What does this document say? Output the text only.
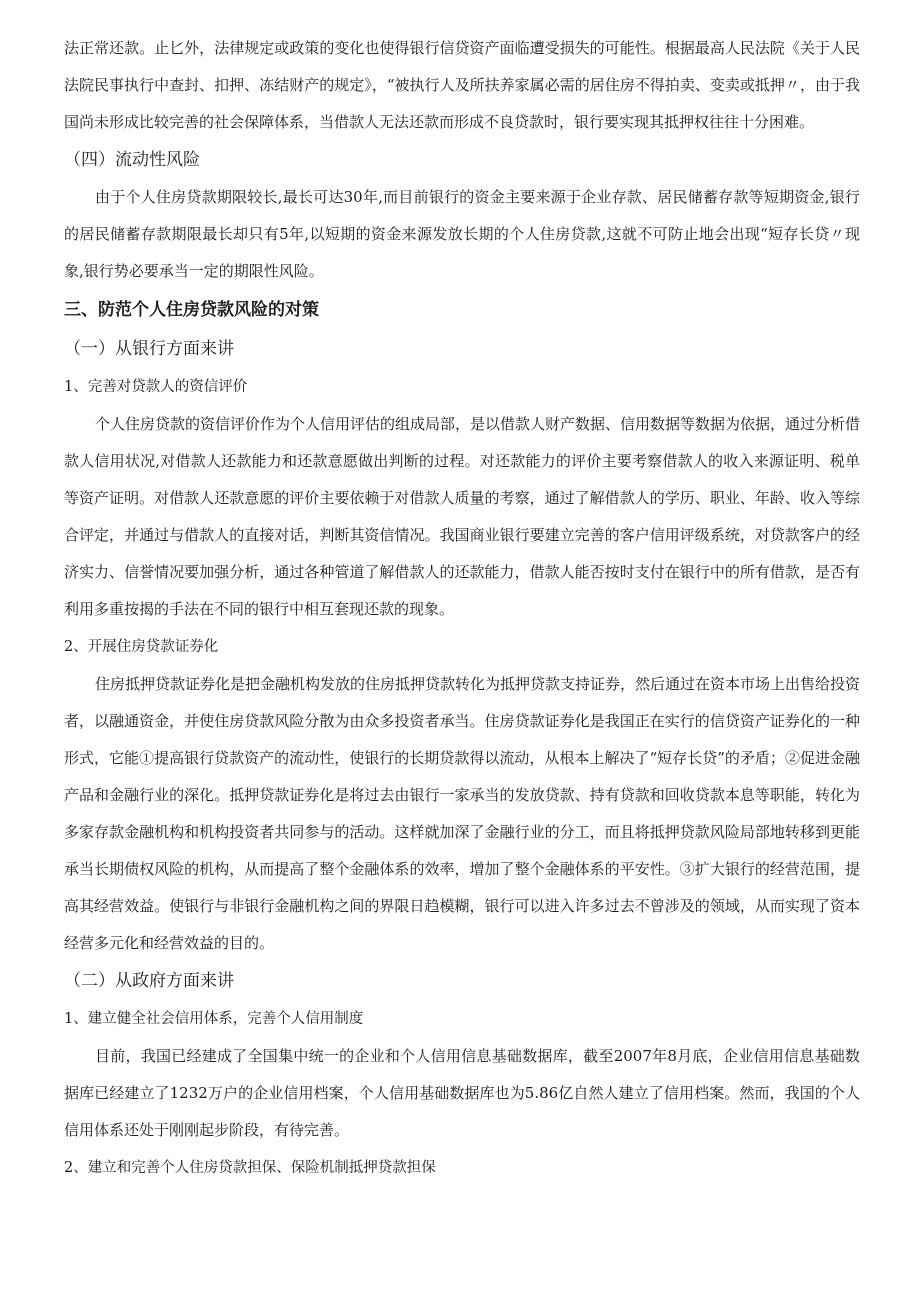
法正常还款。止匕外，法律规定或政策的变化也使得银行信贷资产面临遭受损失的可能性。根据最高人民法院《关于人民法院民事执行中查封、扣押、冻结财产的规定》，“被执行人及所扶养家属必需的居住房不得拍卖、变卖或抵押〃，由于我国尚未形成比较完善的社会保障体系，当借款人无法还款而形成不良贷款时，银行要实现其抵押权往往十分困难。

（四）流动性风险

由于个人住房贷款期限较长,最长可达30年,而目前银行的资金主要来源于企业存款、居民储蓄存款等短期资金,银行的居民储蓄存款期限最长却只有5年,以短期的资金来源发放长期的个人住房贷款,这就不可防止地会出现“短存长贷〃现象,银行势必要承当一定的期限性风险。

三、防范个人住房贷款风险的对策

（一）从银行方面来讲

1、完善对贷款人的资信评价

个人住房贷款的资信评价作为个人信用评估的组成局部，是以借款人财产数据、信用数据等数据为依据，通过分析借款人信用状况,对借款人还款能力和还款意愿做出判断的过程。对还款能力的评价主要考察借款人的收入来源证明、税单等资产证明。对借款人还款意愿的评价主要依赖于对借款人质量的考察，通过了解借款人的学历、职业、年龄、收入等综合评定，并通过与借款人的直接对话，判断其资信情况。我国商业银行要建立完善的客户信用评级系统，对贷款客户的经济实力、信誉情况要加强分析，通过各种管道了解借款人的还款能力，借款人能否按时支付在银行中的所有借款，是否有利用多重按揭的手法在不同的银行中相互套现还款的现象。

2、开展住房贷款证券化

住房抵押贷款证券化是把金融机构发放的住房抵押贷款转化为抵押贷款支持证券，然后通过在资本市场上出售给投资者，以融通资金，并使住房贷款风险分散为由众多投资者承当。住房贷款证券化是我国正在实行的信贷资产证券化的一种形式，它能①提高银行贷款资产的流动性，使银行的长期贷款得以流动，从根本上解决了“短存长贷”的矛盾；②促进金融产品和金融行业的深化。抵押贷款证券化是将过去由银行一家承当的发放贷款、持有贷款和回收贷款本息等职能，转化为多家存款金融机构和机构投资者共同参与的活动。这样就加深了金融行业的分工，而且将抵押贷款风险局部地转移到更能承当长期债权风险的机构，从而提高了整个金融体系的效率，增加了整个金融体系的平安性。③扩大银行的经营范围，提高其经营效益。使银行与非银行金融机构之间的界限日趋模糊，银行可以进入许多过去不曾涉及的领域，从而实现了资本经营多元化和经营效益的目的。

（二）从政府方面来讲

1、建立健全社会信用体系，完善个人信用制度

目前，我国已经建成了全国集中统一的企业和个人信用信息基础数据库，截至2007年8月底，企业信用信息基础数据库已经建立了1232万户的企业信用档案，个人信用基础数据库也为5.86亿自然人建立了信用档案。然而，我国的个人信用体系还处于刚刚起步阶段，有待完善。

2、建立和完善个人住房贷款担保、保险机制抵押贷款担保
